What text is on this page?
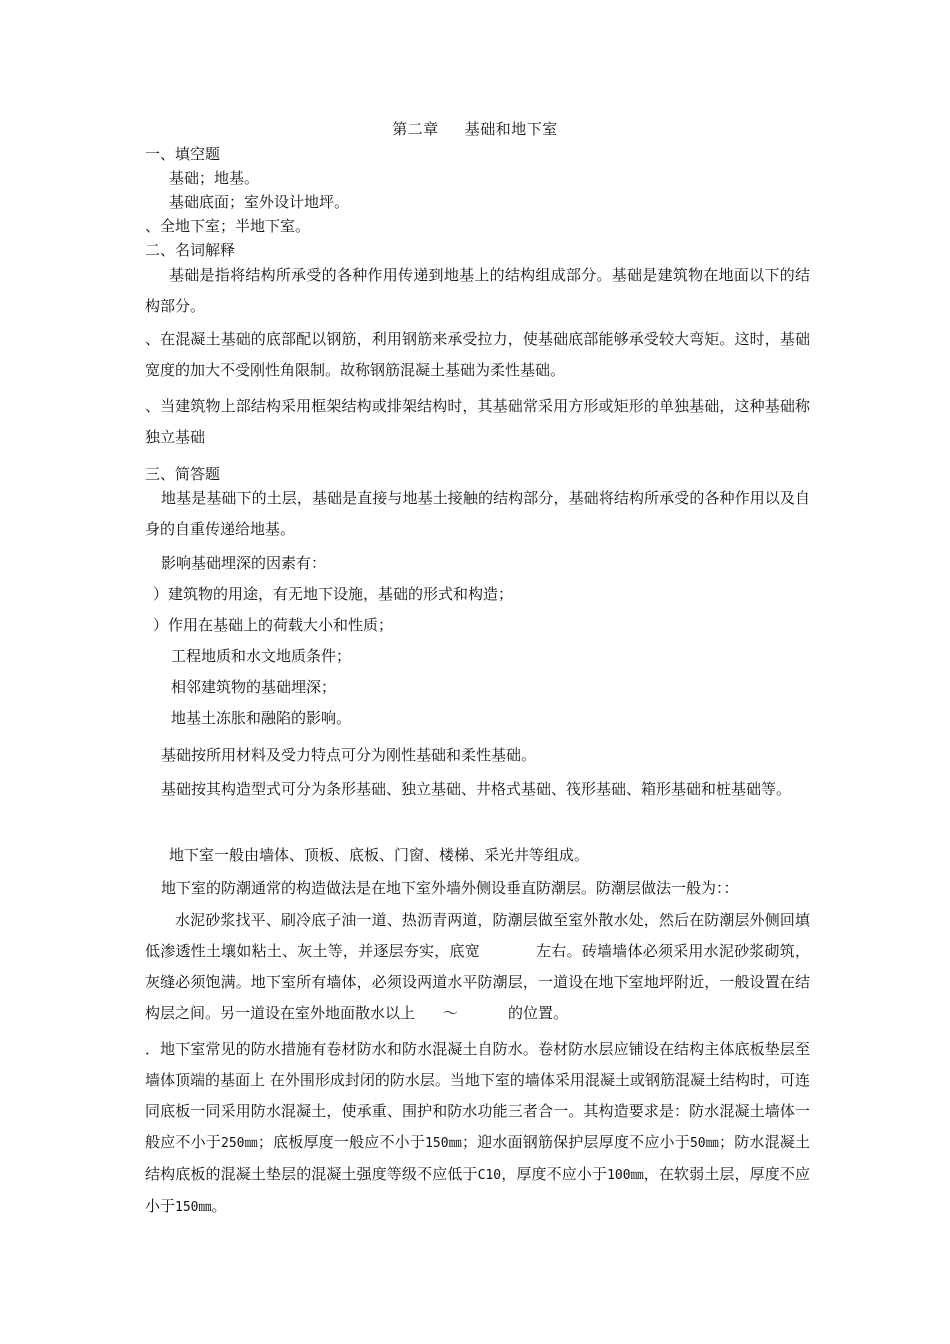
第二章 基础和地下室
一、填空题
基础；地基。
基础底面；室外设计地坪。
、全地下室；半地下室。
二、名词解释
基础是指将结构所承受的各种作用传递到地基上的结构组成部分。基础是建筑物在地面以下的结构部分。
、在混凝土基础的底部配以钢筋，利用钢筋来承受拉力，使基础底部能够承受较大弯矩。这时，基础宽度的加大不受刚性角限制。故称钢筋混凝土基础为柔性基础。
、当建筑物上部结构采用框架结构或排架结构时，其基础常采用方形或矩形的单独基础，这种基础称独立基础
三、简答题
地基是基础下的土层，基础是直接与地基土接触的结构部分，基础将结构所承受的各种作用以及自身的自重传递给地基。
影响基础埋深的因素有：
）建筑物的用途，有无地下设施，基础的形式和构造；
）作用在基础上的荷载大小和性质；
工程地质和水文地质条件；
相邻建筑物的基础埋深；
地基土冻胀和融陷的影响。
基础按所用材料及受力特点可分为刚性基础和柔性基础。
基础按其构造型式可分为条形基础、独立基础、井格式基础、筏形基础、箱形基础和桩基础等。
地下室一般由墙体、顶板、底板、门窗、楼梯、采光井等组成。
地下室的防潮通常的构造做法是在地下室外墙外侧设垂直防潮层。防潮层做法一般为：：
水泥砂浆找平、刷冷底子油一道、热沥青两道，防潮层做至室外散水处，然后在防潮层外侧回填低渗透性土壤如粘土、灰土等，并逐层夯实，底宽	左右。砖墙墙体必须采用水泥砂浆砌筑，灰缝必须饱满。地下室所有墙体，必须设两道水平防潮层，一道设在地下室地坪附近，一般设置在结构层之间。另一道设在室外地面散水以上 ～	的位置。
．地下室常见的防水措施有卷材防水和防水混凝土自防水。卷材防水层应铺设在结构主体底板垫层至墙体顶端的基面上 在外围形成封闭的防水层。当地下室的墙体采用混凝土或钢筋混凝土结构时，可连同底板一同采用防水混凝土，使承重、围护和防水功能三者合一。其构造要求是：防水混凝土墙体一般应不小于250㎜；底板厚度一般应不小于150㎜；迎水面钢筋保护层厚度不应小于50㎜；防水混凝土结构底板的混凝土垫层的混凝土强度等级不应低于C10，厚度不应小于100㎜，在软弱土层，厚度不应小于150㎜。
